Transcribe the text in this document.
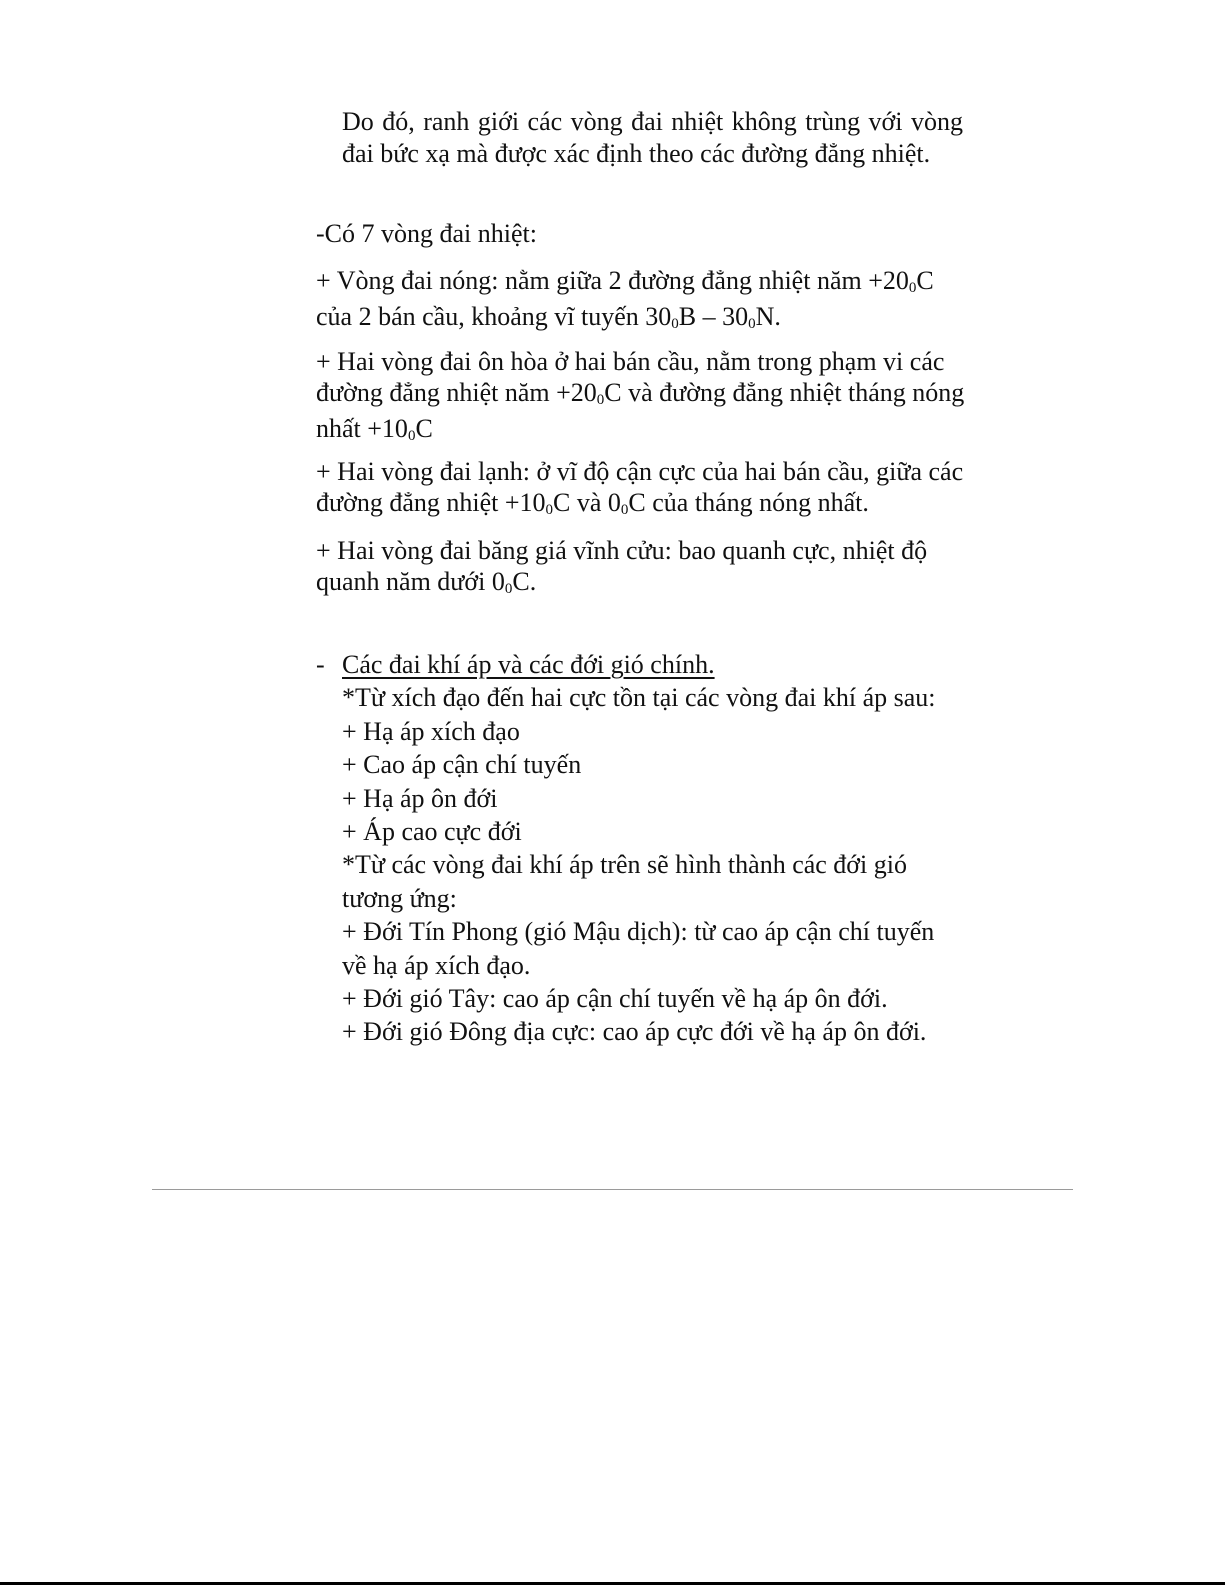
Do đó, ranh giới các vòng đai nhiệt không trùng với vòng đai bức xạ mà được xác định theo các đường đẳng nhiệt.
-Có 7 vòng đai nhiệt:
+ Vòng đai nóng: nằm giữa 2 đường đẳng nhiệt năm +200C của 2 bán cầu, khoảng vĩ tuyến 300B – 300N.
+ Hai vòng đai ôn hòa ở hai bán cầu, nằm trong phạm vi các đường đẳng nhiệt năm +200C và đường đẳng nhiệt tháng nóng nhất +100C
+ Hai vòng đai lạnh: ở vĩ độ cận cực của hai bán cầu, giữa các đường đẳng nhiệt +100C và 00C của tháng nóng nhất.
+ Hai vòng đai băng giá vĩnh cửu: bao quanh cực, nhiệt độ quanh năm dưới 00C.
- Các đai khí áp và các đới gió chính.
*Từ xích đạo đến hai cực tồn tại các vòng đai khí áp sau:
+ Hạ áp xích đạo
+ Cao áp cận chí tuyến
+ Hạ áp ôn đới
+ Áp cao cực đới
*Từ các vòng đai khí áp trên sẽ hình thành các đới gió
tương ứng:
+ Đới Tín Phong (gió Mậu dịch): từ cao áp cận chí tuyến
về hạ áp xích đạo.
+ Đới gió Tây: cao áp cận chí tuyến về hạ áp ôn đới.
+ Đới gió Đông địa cực: cao áp cực đới về hạ áp ôn đới.
